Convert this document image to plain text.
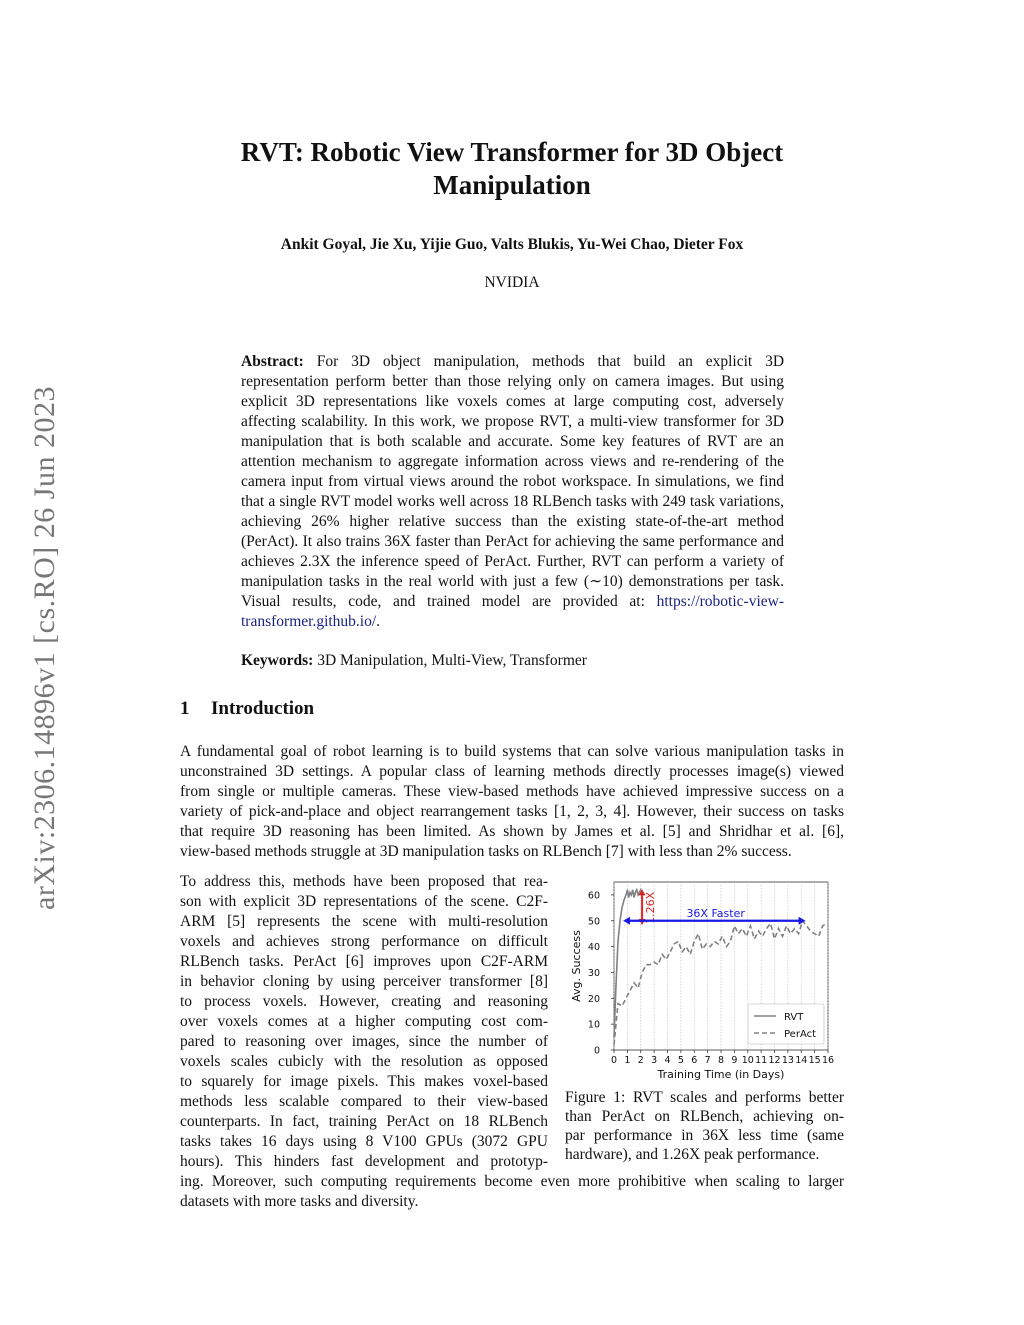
arXiv:2306.14896v1 [cs.RO] 26 Jun 2023
RVT: Robotic View Transformer for 3D Object Manipulation
Ankit Goyal, Jie Xu, Yijie Guo, Valts Blukis, Yu-Wei Chao, Dieter Fox
NVIDIA
Abstract: For 3D object manipulation, methods that build an explicit 3D representation perform better than those relying only on camera images. But using explicit 3D representations like voxels comes at large computing cost, adversely affecting scalability. In this work, we propose RVT, a multi-view transformer for 3D manipulation that is both scalable and accurate. Some key features of RVT are an attention mechanism to aggregate information across views and re-rendering of the camera input from virtual views around the robot workspace. In simulations, we find that a single RVT model works well across 18 RLBench tasks with 249 task variations, achieving 26% higher relative success than the existing state-of-the-art method (PerAct). It also trains 36X faster than PerAct for achieving the same performance and achieves 2.3X the inference speed of PerAct. Further, RVT can perform a variety of manipulation tasks in the real world with just a few (∼10) demonstrations per task. Visual results, code, and trained model are provided at: https://robotic-view-transformer.github.io/.
Keywords: 3D Manipulation, Multi-View, Transformer
1 Introduction
A fundamental goal of robot learning is to build systems that can solve various manipulation tasks in
unconstrained 3D settings. A popular class of learning methods directly processes image(s) viewed
from single or multiple cameras. These view-based methods have achieved impressive success on a
variety of pick-and-place and object rearrangement tasks [1, 2, 3, 4]. However, their success on tasks
that require 3D reasoning has been limited. As shown by James et al. [5] and Shridhar et al. [6],
view-based methods struggle at 3D manipulation tasks on RLBench [7] with less than 2% success.
To address this, methods have been proposed that rea-
son with explicit 3D representations of the scene. C2F-
ARM [5] represents the scene with multi-resolution
voxels and achieves strong performance on difficult
RLBench tasks. PerAct [6] improves upon C2F-ARM
in behavior cloning by using perceiver transformer [8]
to process voxels. However, creating and reasoning
over voxels comes at a higher computing cost com-
pared to reasoning over images, since the number of
voxels scales cubicly with the resolution as opposed
to squarely for image pixels. This makes voxel-based
methods less scalable compared to their view-based
counterparts. In fact, training PerAct on 18 RLBench
tasks takes 16 days using 8 V100 GPUs (3072 GPU
hours). This hinders fast development and prototyp-
ing. Moreover, such computing requirements become even more prohibitive when scaling to larger
datasets with more tasks and diversity.
0 1 2 3 4 5 6 7 8 9 10 11 12 13 14 15 16
0
10
20
30
40
50
60
Training Time (in Days)
Avg. Success
1.26X	36X Faster
RVT
PerAct
Figure 1: RVT scales and performs better
than PerAct on RLBench, achieving on-
par performance in 36X less time (same
hardware), and 1.26X peak performance.
